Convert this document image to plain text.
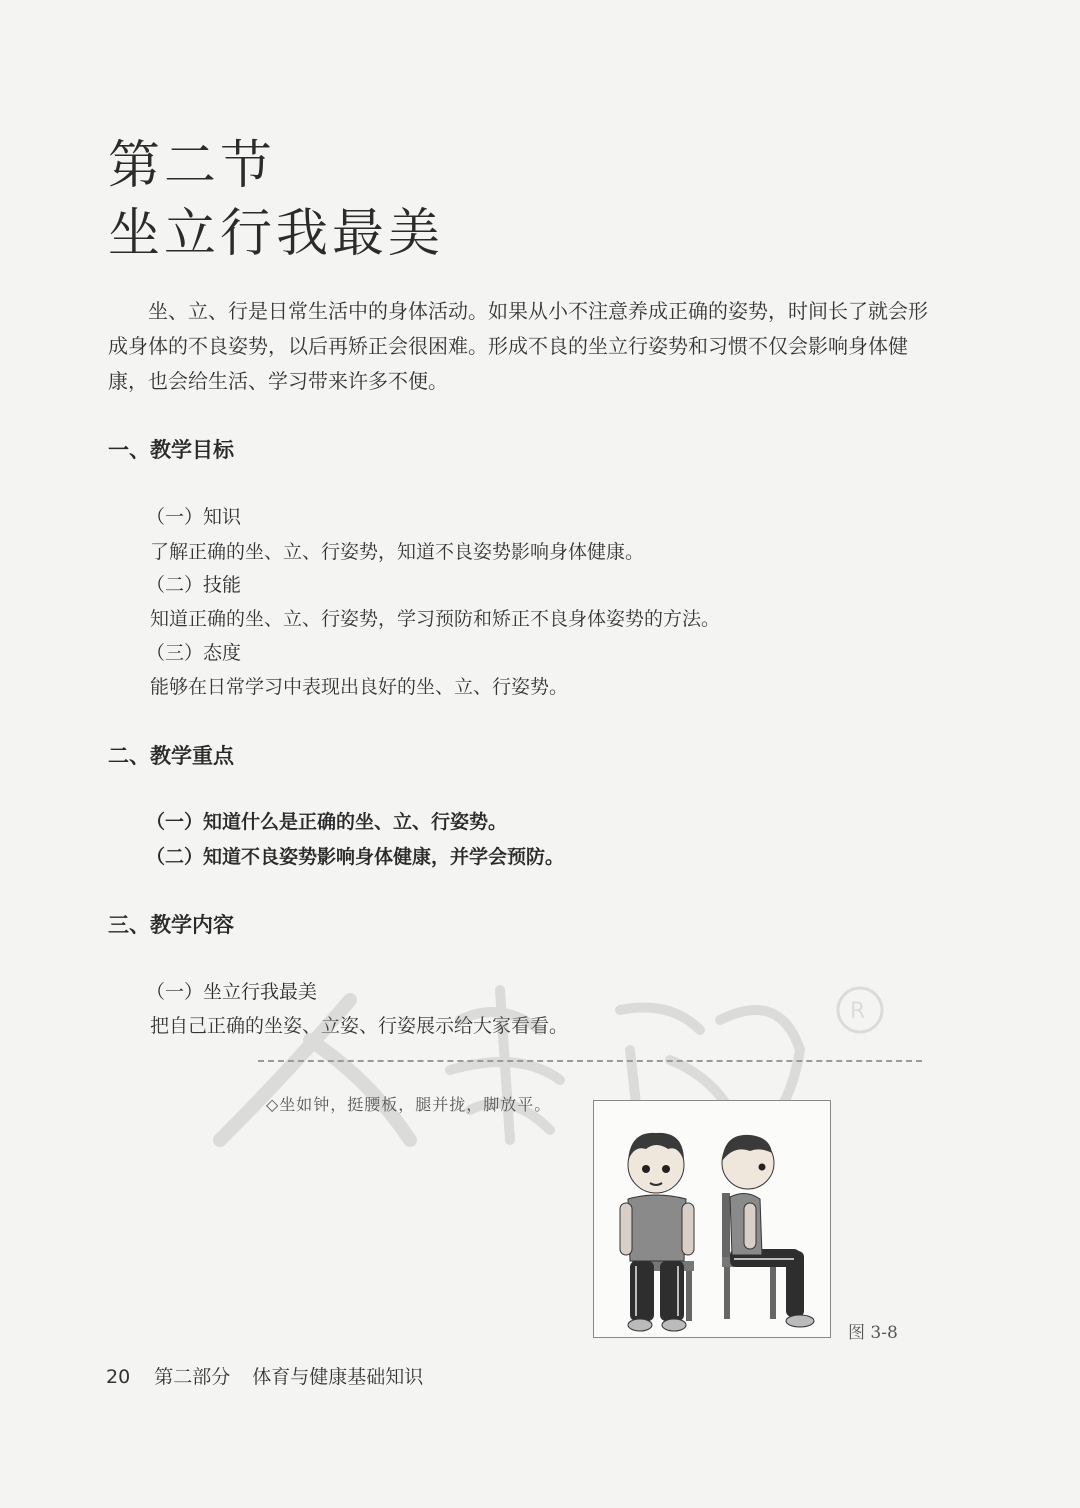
第二节
坐立行我最美

坐、立、行是日常生活中的身体活动。如果从小不注意养成正确的姿势，时间长了就会形成身体的不良姿势，以后再矫正会很困难。形成不良的坐立行姿势和习惯不仅会影响身体健康，也会给生活、学习带来许多不便。

一、教学目标
（一）知识
了解正确的坐、立、行姿势，知道不良姿势影响身体健康。
（二）技能
知道正确的坐、立、行姿势，学习预防和矫正不良身体姿势的方法。
（三）态度
能够在日常学习中表现出良好的坐、立、行姿势。
二、教学重点
（一）知道什么是正确的坐、立、行姿势。
（二）知道不良姿势影响身体健康，并学会预防。
三、教学内容
（一）坐立行我最美
把自己正确的坐姿、立姿、行姿展示给大家看看。
R
◇坐如钟，挺腰板，腿并拢，脚放平。
图 3-8
20 第二部分 体育与健康基础知识
